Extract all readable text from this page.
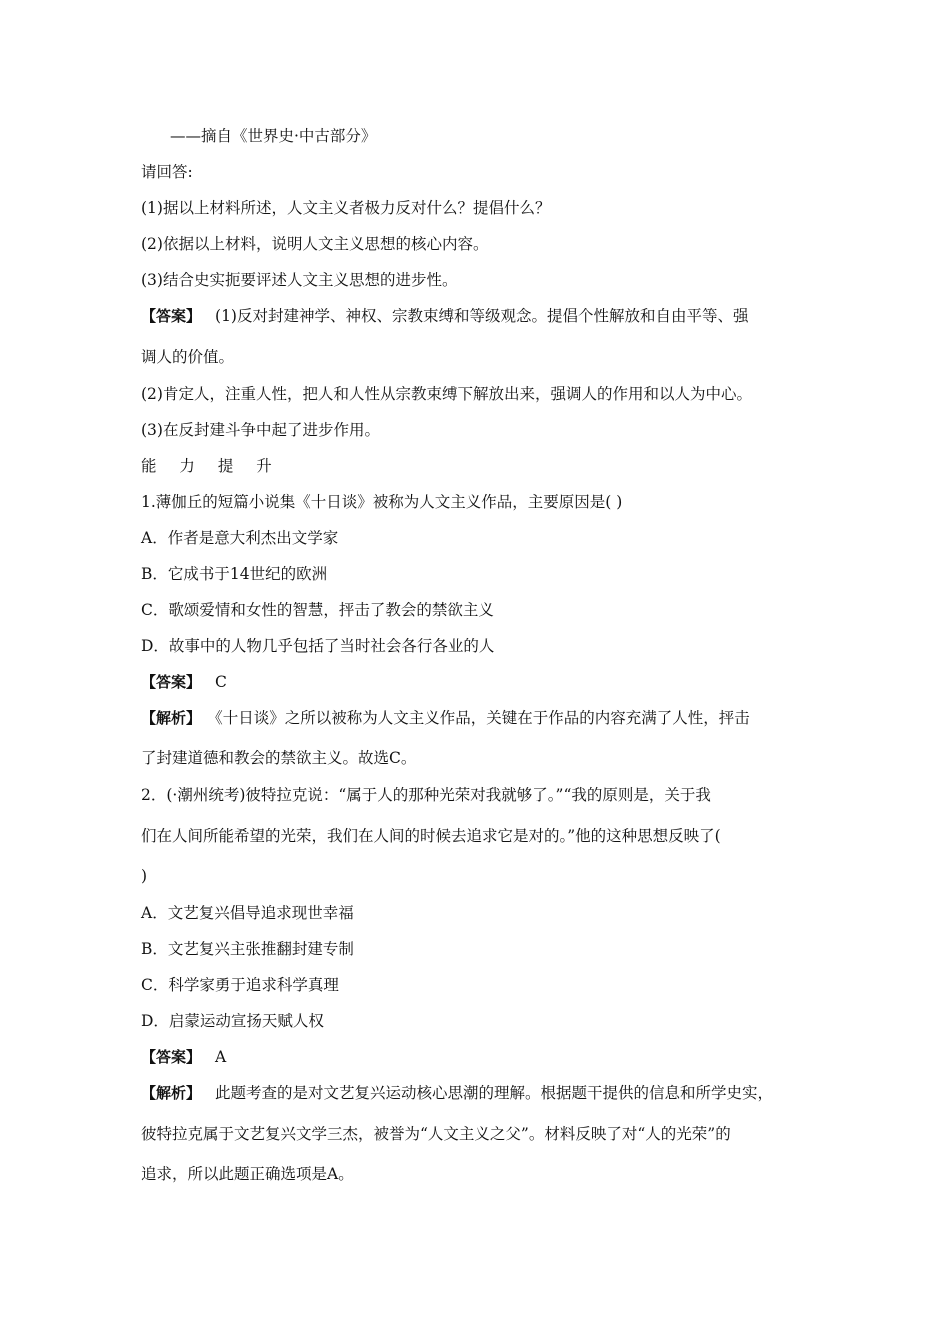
——摘自《世界史·中古部分》
请回答:
(1)据以上材料所述，人文主义者极力反对什么？提倡什么？
(2)依据以上材料，说明人文主义思想的核心内容。
(3)结合史实扼要评述人文主义思想的进步性。
【答案】 (1)反对封建神学、神权、宗教束缚和等级观念。提倡个性解放和自由平等、强
调人的价值。
(2)肯定人，注重人性，把人和人性从宗教束缚下解放出来，强调人的作用和以人为中心。
(3)在反封建斗争中起了进步作用。
能 力 提 升
1.薄伽丘的短篇小说集《十日谈》被称为人文主义作品，主要原因是( )
A．作者是意大利杰出文学家
B．它成书于14世纪的欧洲
C．歌颂爱情和女性的智慧，抨击了教会的禁欲主义
D．故事中的人物几乎包括了当时社会各行各业的人
【答案】 C
【解析】 《十日谈》之所以被称为人文主义作品，关键在于作品的内容充满了人性，抨击
了封建道德和教会的禁欲主义。故选C。
2．(·潮州统考)彼特拉克说：“属于人的那种光荣对我就够了。”“我的原则是，关于我
们在人间所能希望的光荣，我们在人间的时候去追求它是对的。”他的这种思想反映了(
)
A．文艺复兴倡导追求现世幸福
B．文艺复兴主张推翻封建专制
C．科学家勇于追求科学真理
D．启蒙运动宣扬天赋人权
【答案】 A
【解析】 此题考查的是对文艺复兴运动核心思潮的理解。根据题干提供的信息和所学史实，
彼特拉克属于文艺复兴文学三杰，被誉为“人文主义之父”。材料反映了对“人的光荣”的
追求，所以此题正确选项是A。
